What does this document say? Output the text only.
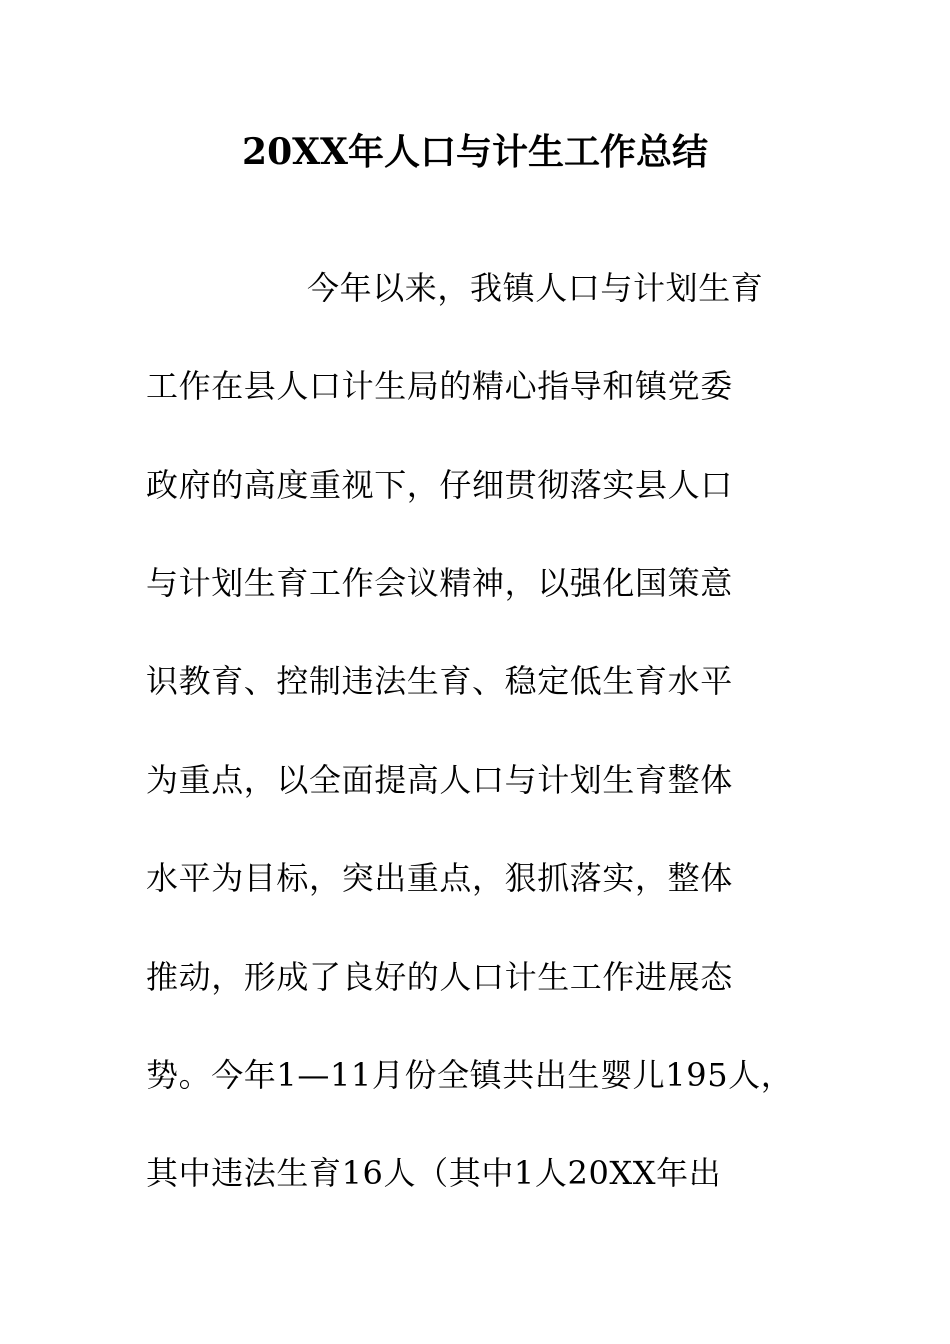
20XX年人口与计生工作总结
今年以来，我镇人口与计划生育
工作在县人口计生局的精心指导和镇党委
政府的高度重视下，仔细贯彻落实县人口
与计划生育工作会议精神，以强化国策意
识教育、控制违法生育、稳定低生育水平
为重点，以全面提高人口与计划生育整体
水平为目标，突出重点，狠抓落实，整体
推动，形成了良好的人口计生工作进展态
势。今年1—11月份全镇共出生婴儿195人，
其中违法生育16人（其中1人20XX年出
